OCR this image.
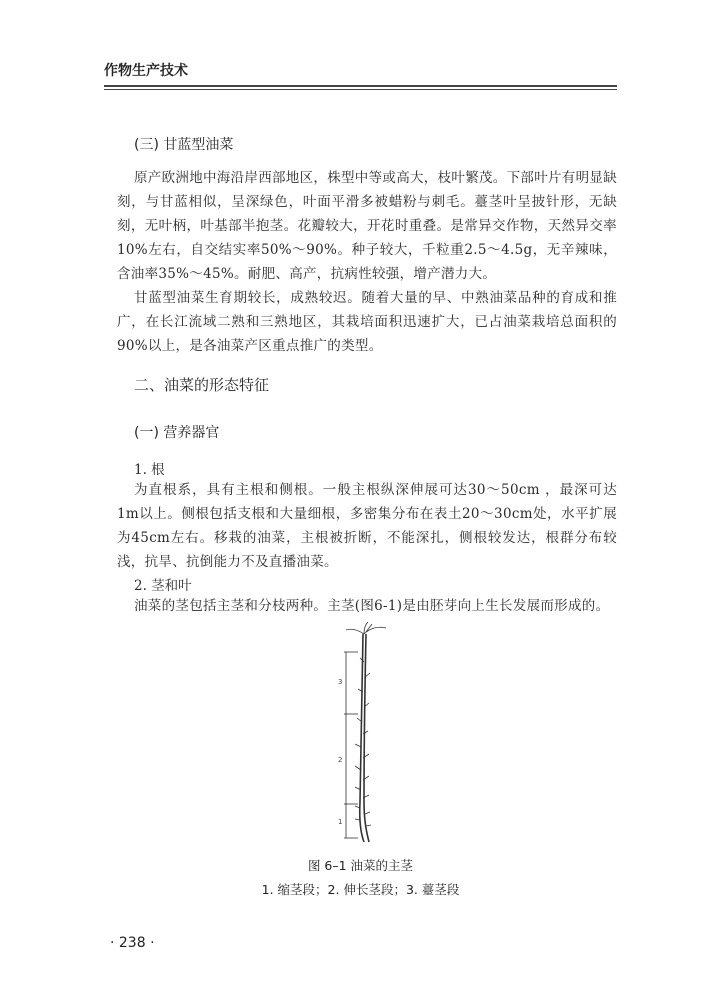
作物生产技术
(三) 甘蓝型油菜

原产欧洲地中海沿岸西部地区，株型中等或高大，枝叶繁茂。下部叶片有明显缺刻，与甘蓝相似，呈深绿色，叶面平滑多被蜡粉与刺毛。薹茎叶呈披针形，无缺刻，无叶柄，叶基部半抱茎。花瓣较大，开花时重叠。是常异交作物，天然异交率10%左右，自交结实率50%～90%。种子较大，千粒重2.5～4.5g，无辛辣味，含油率35%～45%。耐肥、高产，抗病性较强，增产潜力大。

甘蓝型油菜生育期较长，成熟较迟。随着大量的早、中熟油菜品种的育成和推广，在长江流域二熟和三熟地区，其栽培面积迅速扩大，已占油菜栽培总面积的90%以上，是各油菜产区重点推广的类型。

二、油菜的形态特征
(一) 营养器官
1. 根

为直根系，具有主根和侧根。一般主根纵深伸展可达30～50cm ，最深可达1m以上。侧根包括支根和大量细根，多密集分布在表土20～30cm处，水平扩展为45cm左右。移栽的油菜，主根被折断，不能深扎，侧根较发达，根群分布较浅，抗旱、抗倒能力不及直播油菜。

2. 茎和叶

油菜的茎包括主茎和分枝两种。主茎(图6-1)是由胚芽向上生长发展而形成的。

3
2
1
图 6–1 油菜的主茎
1. 缩茎段；2. 伸长茎段；3. 薹茎段
· 238 ·
